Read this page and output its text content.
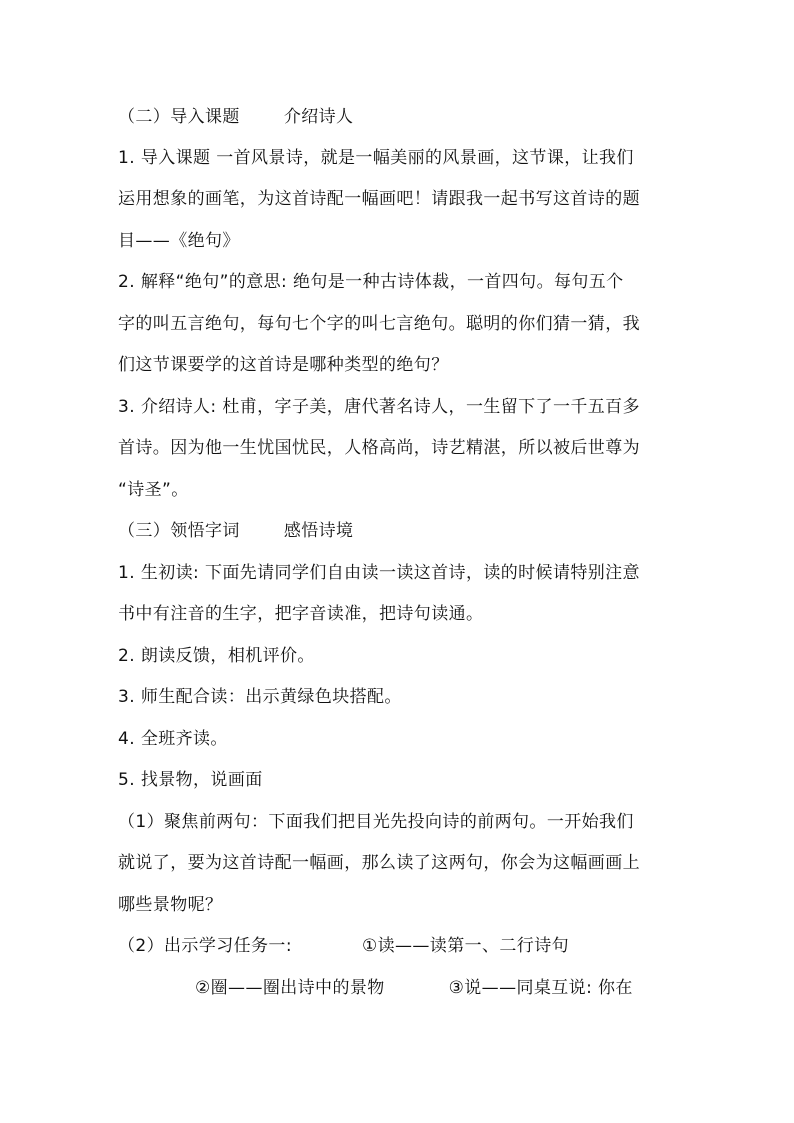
（二）导入课题	介绍诗人
1. 导入课题 一首风景诗，就是一幅美丽的风景画，这节课，让我们
运用想象的画笔，为这首诗配一幅画吧！请跟我一起书写这首诗的题
目——《绝句》
2. 解释“绝句”的意思: 绝句是一种古诗体裁，一首四句。每句五个
字的叫五言绝句，每句七个字的叫七言绝句。聪明的你们猜一猜，我
们这节课要学的这首诗是哪种类型的绝句？
3. 介绍诗人: 杜甫，字子美，唐代著名诗人，一生留下了一千五百多
首诗。因为他一生忧国忧民，人格高尚，诗艺精湛，所以被后世尊为
“诗圣”。
（三）领悟字词	感悟诗境
1. 生初读: 下面先请同学们自由读一读这首诗，读的时候请特别注意
书中有注音的生字，把字音读准，把诗句读通。
2. 朗读反馈，相机评价。
3. 师生配合读：出示黄绿色块搭配。
4. 全班齐读。
5. 找景物，说画面
（1）聚焦前两句：下面我们把目光先投向诗的前两句。一开始我们
就说了，要为这首诗配一幅画，那么读了这两句，你会为这幅画画上
哪些景物呢？
（2）出示学习任务一:	①读——读第一、二行诗句
②圈——圈出诗中的景物	③说——同桌互说: 你在
